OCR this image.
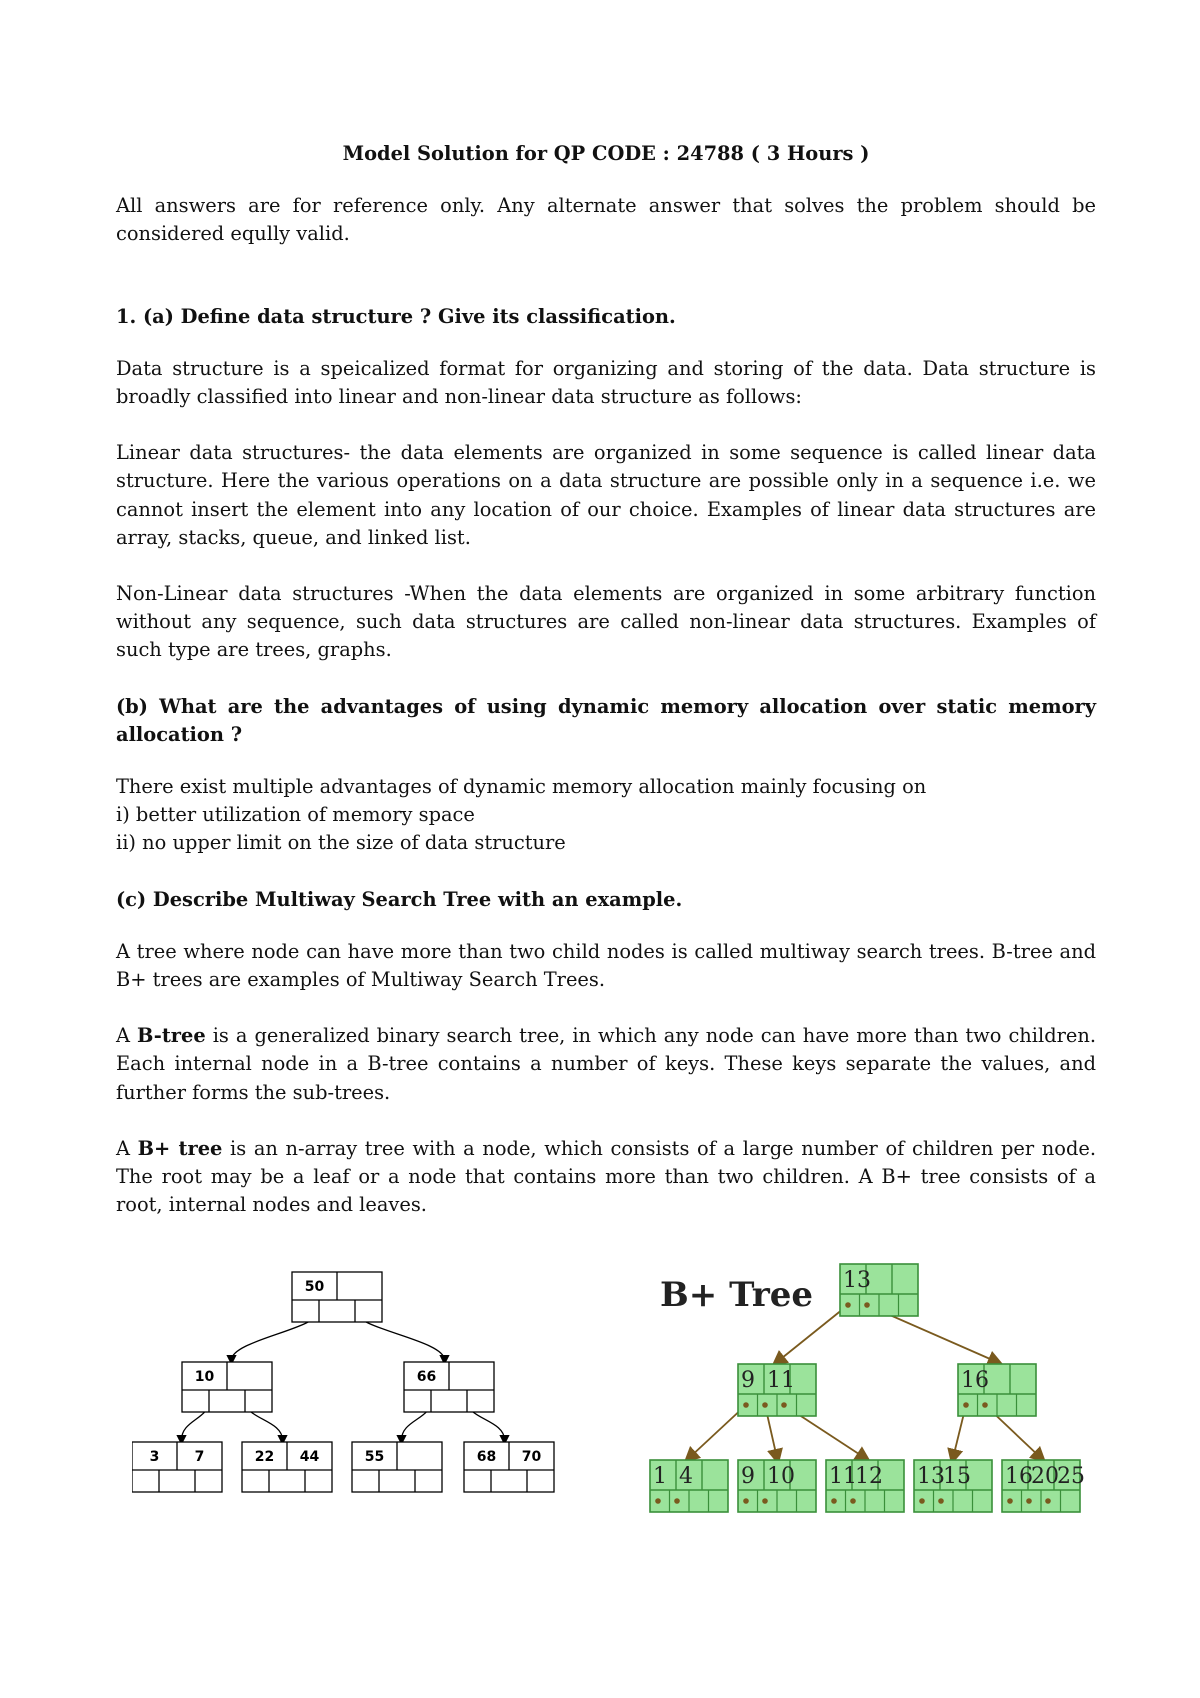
Model Solution for QP CODE : 24788 ( 3 Hours )

All answers are for reference only. Any alternate answer that solves the problem should be considered eqully valid.

1. (a) Define data structure ? Give its classification.

Data structure is a speicalized format for organizing and storing of the data. Data structure is broadly classified into linear and non-linear data structure as follows:

Linear data structures- the data elements are organized in some sequence is called linear data structure. Here the various operations on a data structure are possible only in a sequence i.e. we cannot insert the element into any location of our choice. Examples of linear data structures are array, stacks, queue, and linked list.

Non-Linear data structures -When the data elements are organized in some arbitrary function without any sequence, such data structures are called non-linear data structures. Examples of such type are trees, graphs.

(b) What are the advantages of using dynamic memory allocation over static memory allocation ?

There exist multiple advantages of dynamic memory allocation mainly focusing on
i) better utilization of memory space
ii) no upper limit on the size of data structure

(c) Describe Multiway Search Tree with an example.

A tree where node can have more than two child nodes is called multiway search trees. B-tree and B+ trees are examples of Multiway Search Trees.

A B-tree is a generalized binary search tree, in which any node can have more than two children. Each internal node in a B-tree contains a number of keys. These keys separate the values, and further forms the sub-trees.

A B+ tree is an n-array tree with a node, which consists of a large number of children per node. The root may be a leaf or a node that contains more than two children. A B+ tree consists of a root, internal nodes and leaves.

50
10	66
3	7	22 44	55	68 70
B+ Tree 13
9 11	16
1 4 9 10 11
12 13
15 16
20
25
